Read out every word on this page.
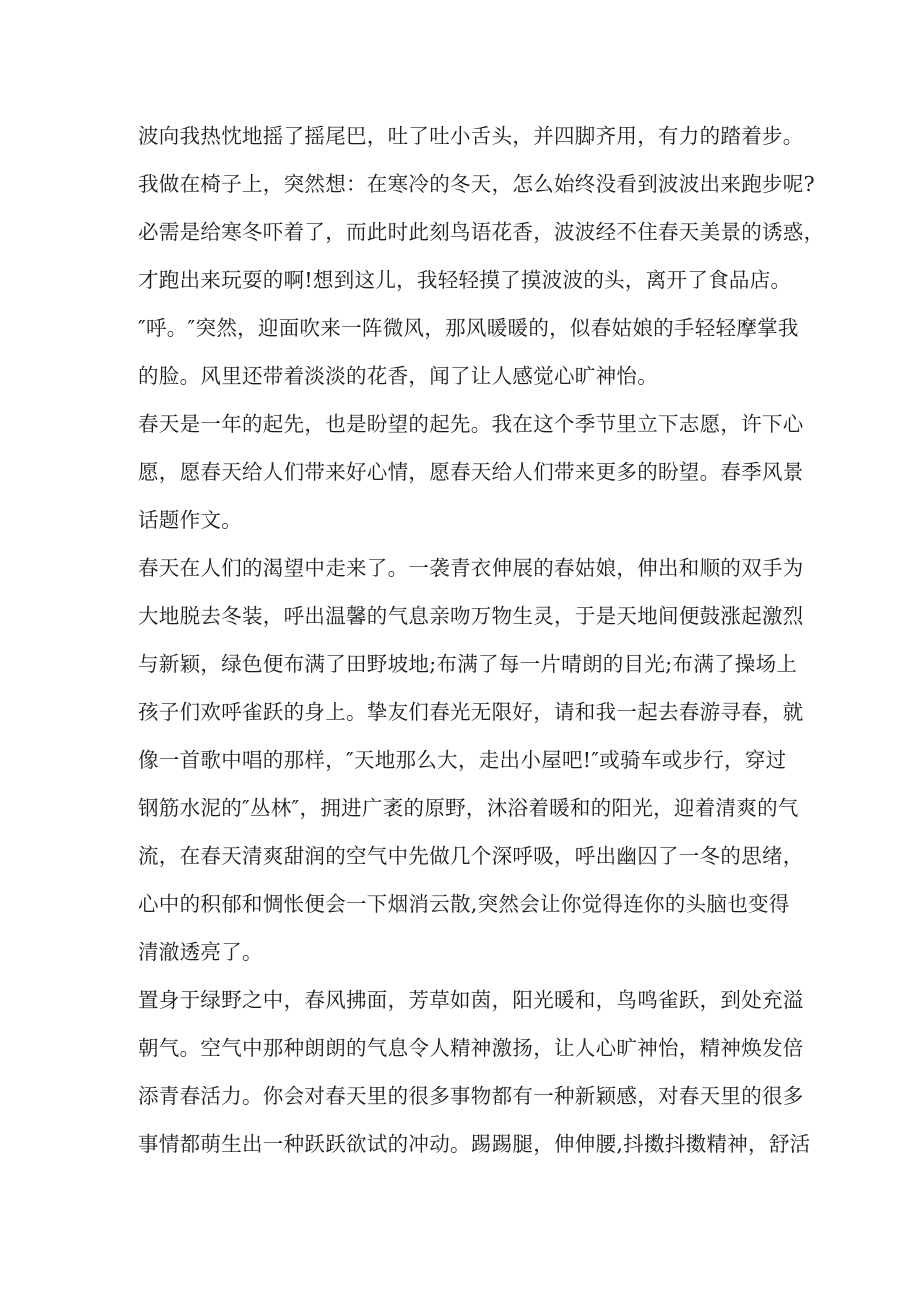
波向我热忱地摇了摇尾巴，吐了吐小舌头，并四脚齐用，有力的踏着步。
我做在椅子上，突然想：在寒冷的冬天，怎么始终没看到波波出来跑步呢?
必需是给寒冬吓着了，而此时此刻鸟语花香，波波经不住春天美景的诱惑，
才跑出来玩耍的啊!想到这儿，我轻轻摸了摸波波的头，离开了食品店。
″呼。″突然，迎面吹来一阵微风，那风暖暖的，似春姑娘的手轻轻摩掌我
的脸。风里还带着淡淡的花香，闻了让人感觉心旷神怡。
春天是一年的起先，也是盼望的起先。我在这个季节里立下志愿，许下心
愿，愿春天给人们带来好心情，愿春天给人们带来更多的盼望。春季风景
话题作文。
春天在人们的渴望中走来了。一袭青衣伸展的春姑娘，伸出和顺的双手为
大地脱去冬装，呼出温馨的气息亲吻万物生灵，于是天地间便鼓涨起激烈
与新颖，绿色便布满了田野坡地;布满了每一片晴朗的目光;布满了操场上
孩子们欢呼雀跃的身上。挚友们春光无限好，请和我一起去春游寻春，就
像一首歌中唱的那样，″天地那么大，走出小屋吧!″或骑车或步行，穿过
钢筋水泥的″丛林″，拥进广袤的原野，沐浴着暖和的阳光，迎着清爽的气
流，在春天清爽甜润的空气中先做几个深呼吸，呼出幽囚了一冬的思绪，
心中的积郁和惆怅便会一下烟消云散,突然会让你觉得连你的头脑也变得
清澈透亮了。
置身于绿野之中，春风拂面，芳草如茵，阳光暖和，鸟鸣雀跃，到处充溢
朝气。空气中那种朗朗的气息令人精神激扬，让人心旷神怡，精神焕发倍
添青春活力。你会对春天里的很多事物都有一种新颖感，对春天里的很多
事情都萌生出一种跃跃欲试的冲动。踢踢腿，伸伸腰,抖擞抖擞精神，舒活
